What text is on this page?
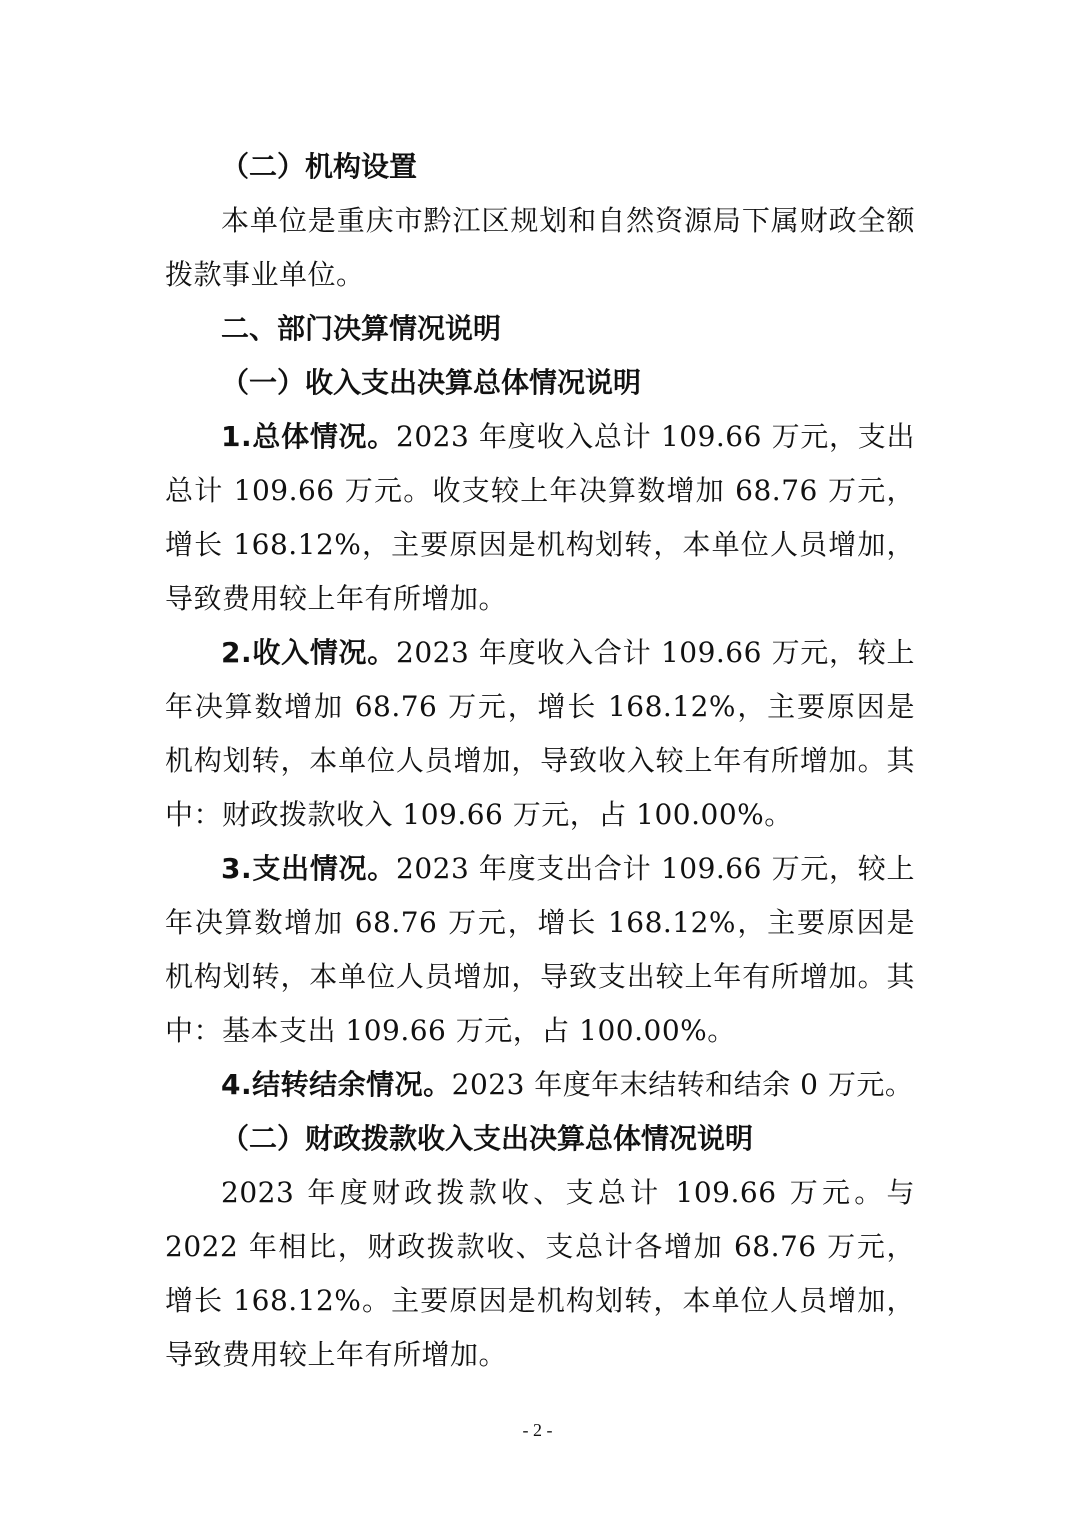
（二）机构设置

本单位是重庆市黔江区规划和自然资源局下属财政全额拨款事业单位。

二、部门决算情况说明

（一）收入支出决算总体情况说明

1.总体情况。2023 年度收入总计 109.66 万元，支出总计 109.66 万元。收支较上年决算数增加 68.76 万元，增长 168.12%，主要原因是机构划转，本单位人员增加，导致费用较上年有所增加。

2.收入情况。2023 年度收入合计 109.66 万元，较上年决算数增加 68.76 万元，增长 168.12%，主要原因是机构划转，本单位人员增加，导致收入较上年有所增加。其中：财政拨款收入 109.66 万元，占 100.00%。

3.支出情况。2023 年度支出合计 109.66 万元，较上年决算数增加 68.76 万元，增长 168.12%，主要原因是机构划转，本单位人员增加，导致支出较上年有所增加。其中：基本支出 109.66 万元，占 100.00%。

4.结转结余情况。2023 年度年末结转和结余 0 万元。

（二）财政拨款收入支出决算总体情况说明

2023 年度财政拨款收、支总计 109.66 万元。与 2022 年相比，财政拨款收、支总计各增加 68.76 万元，增长 168.12%。主要原因是机构划转，本单位人员增加，导致费用较上年有所增加。

- 2 -
